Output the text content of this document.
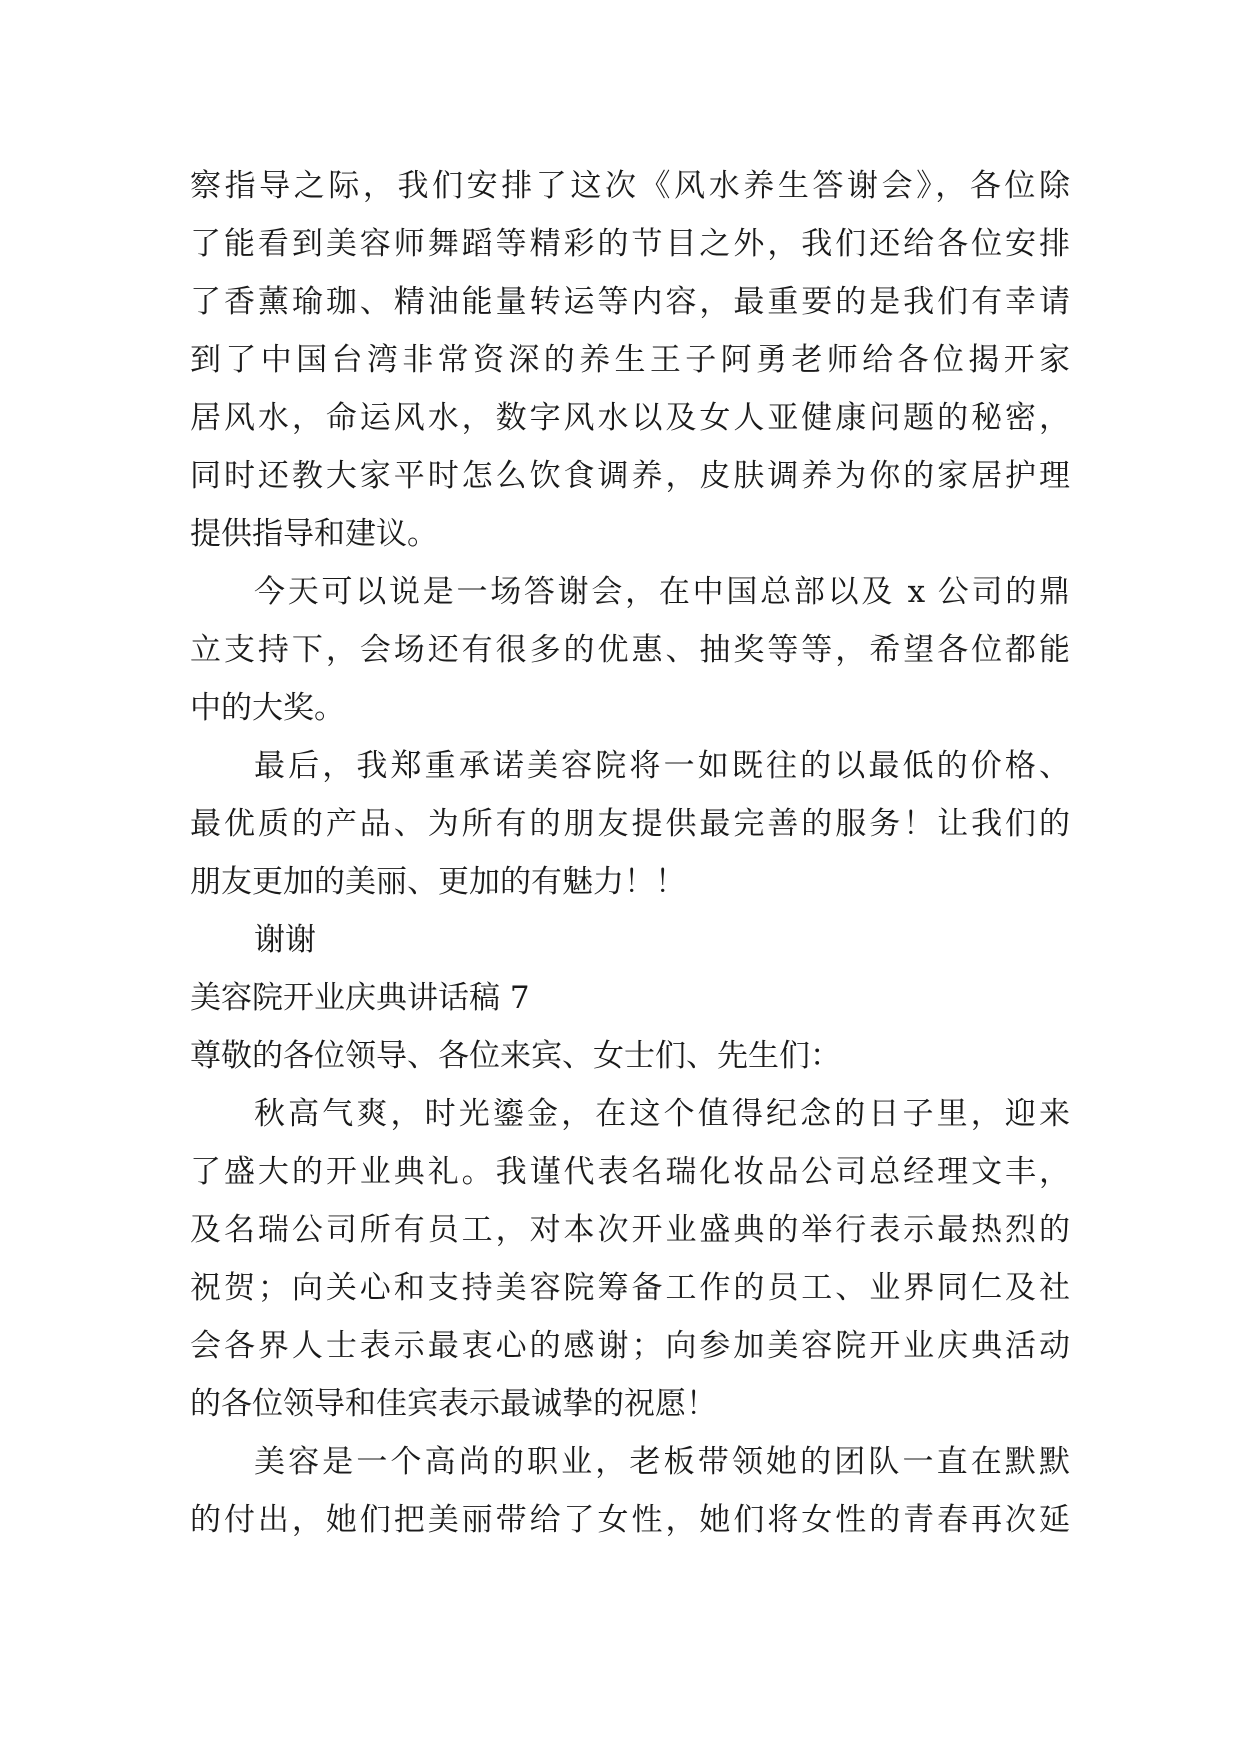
察指导之际，我们安排了这次《风水养生答谢会》，各位除
了能看到美容师舞蹈等精彩的节目之外，我们还给各位安排
了香薰瑜珈、精油能量转运等内容，最重要的是我们有幸请
到了中国台湾非常资深的养生王子阿勇老师给各位揭开家
居风水，命运风水，数字风水以及女人亚健康问题的秘密，
同时还教大家平时怎么饮食调养，皮肤调养为你的家居护理
提供指导和建议。
今天可以说是一场答谢会，在中国总部以及 x 公司的鼎
立支持下，会场还有很多的优惠、抽奖等等，希望各位都能
中的大奖。
最后，我郑重承诺美容院将一如既往的以最低的价格、
最优质的产品、为所有的朋友提供最完善的服务！让我们的
朋友更加的美丽、更加的有魅力！！
谢谢
美容院开业庆典讲话稿 7
尊敬的各位领导、各位来宾、女士们、先生们：
秋高气爽，时光鎏金，在这个值得纪念的日子里，迎来
了盛大的开业典礼。我谨代表名瑞化妆品公司总经理文丰，
及名瑞公司所有员工，对本次开业盛典的举行表示最热烈的
祝贺；向关心和支持美容院筹备工作的员工、业界同仁及社
会各界人士表示最衷心的感谢；向参加美容院开业庆典活动
的各位领导和佳宾表示最诚挚的祝愿！
美容是一个高尚的职业，老板带领她的团队一直在默默
的付出，她们把美丽带给了女性，她们将女性的青春再次延
